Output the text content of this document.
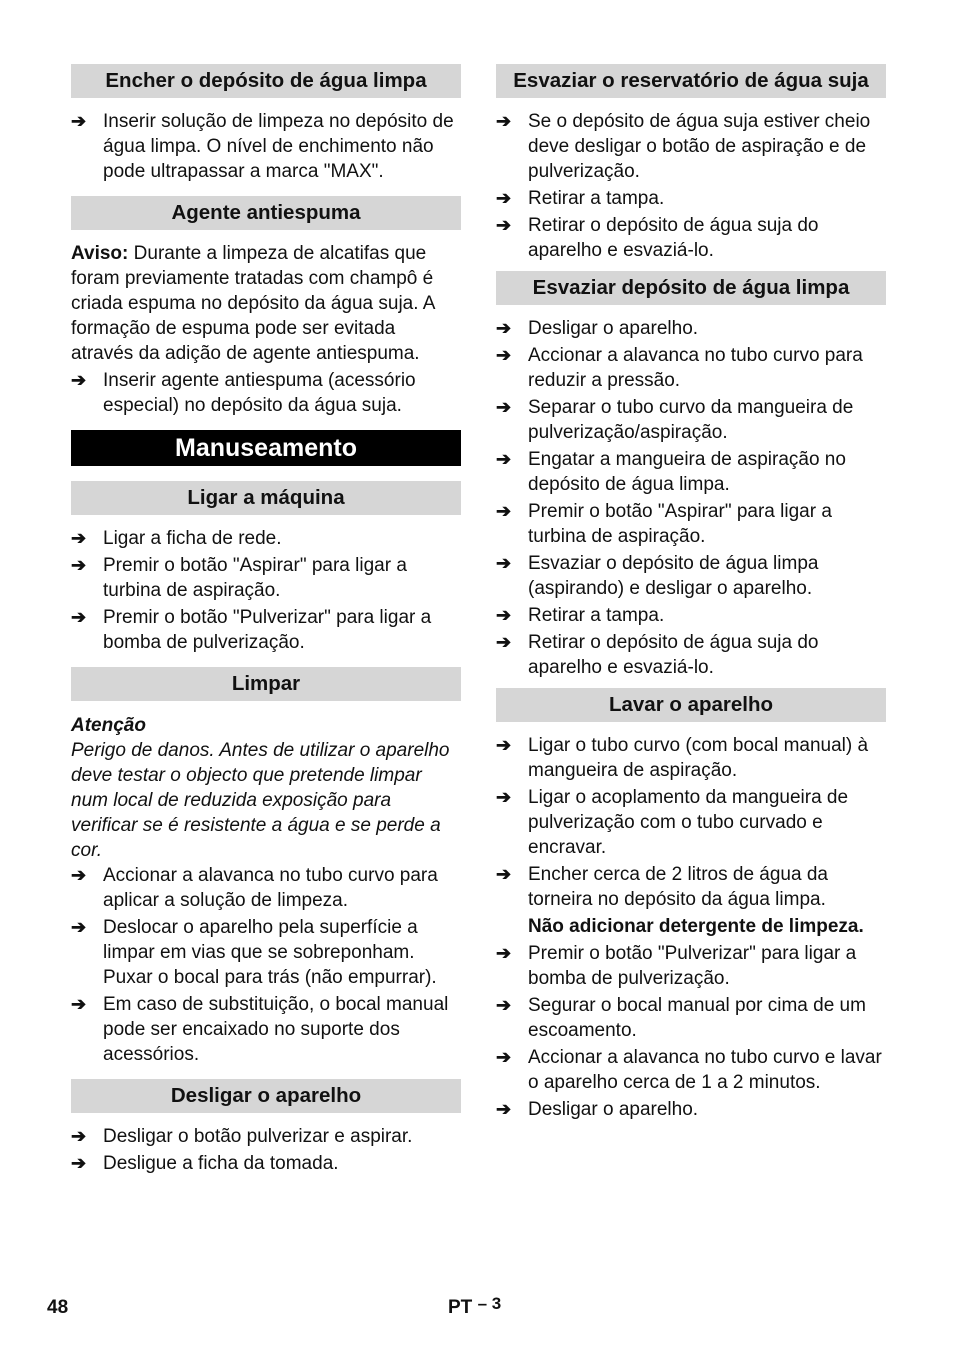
Encher o depósito de água limpa
➔ Inserir solução de limpeza no depósito de água limpa. O nível de enchimento não pode ultrapassar a marca "MAX".
Agente antiespuma
Aviso: Durante a limpeza de alcatifas que foram previamente tratadas com champô é criada espuma no depósito da água suja. A formação de espuma pode ser evitada através da adição de agente antiespuma.
➔ Inserir agente antiespuma (acessório especial) no depósito da água suja.
Manuseamento
Ligar a máquina
➔ Ligar a ficha de rede.
➔ Premir o botão "Aspirar" para ligar a turbina de aspiração.
➔ Premir o botão "Pulverizar" para ligar a bomba de pulverização.
Limpar
Atenção
Perigo de danos. Antes de utilizar o aparelho deve testar o objecto que pretende limpar num local de reduzida exposição para verificar se é resistente a água e se perde a cor.
➔ Accionar a alavanca no tubo curvo para aplicar a solução de limpeza.
➔ Deslocar o aparelho pela superfície a limpar em vias que se sobreponham. Puxar o bocal para trás (não empurrar).
➔ Em caso de substituição, o bocal manual pode ser encaixado no suporte dos acessórios.
Desligar o aparelho
➔ Desligar o botão pulverizar e aspirar.
➔ Desligue a ficha da tomada.
Esvaziar o reservatório de água suja
➔ Se o depósito de água suja estiver cheio deve desligar o botão de aspiração e de pulverização.
➔ Retirar a tampa.
➔ Retirar o depósito de água suja do aparelho e esvaziá-lo.
Esvaziar depósito de água limpa
➔ Desligar o aparelho.
➔ Accionar a alavanca no tubo curvo para reduzir a pressão.
➔ Separar o tubo curvo da mangueira de pulverização/aspiração.
➔ Engatar a mangueira de aspiração no depósito de água limpa.
➔ Premir o botão "Aspirar" para ligar a turbina de aspiração.
➔ Esvaziar o depósito de água limpa (aspirando) e desligar o aparelho.
➔ Retirar a tampa.
➔ Retirar o depósito de água suja do aparelho e esvaziá-lo.
Lavar o aparelho
➔ Ligar o tubo curvo (com bocal manual) à mangueira de aspiração.
➔ Ligar o acoplamento da mangueira de pulverização com o tubo curvado e encravar.
➔ Encher cerca de 2 litros de água da torneira no depósito da água limpa.
Não adicionar detergente de limpeza.
➔ Premir o botão "Pulverizar" para ligar a bomba de pulverização.
➔ Segurar o bocal manual por cima de um escoamento.
➔ Accionar a alavanca no tubo curvo e lavar o aparelho cerca de 1 a 2 minutos.
➔ Desligar o aparelho.
48	PT – 3
